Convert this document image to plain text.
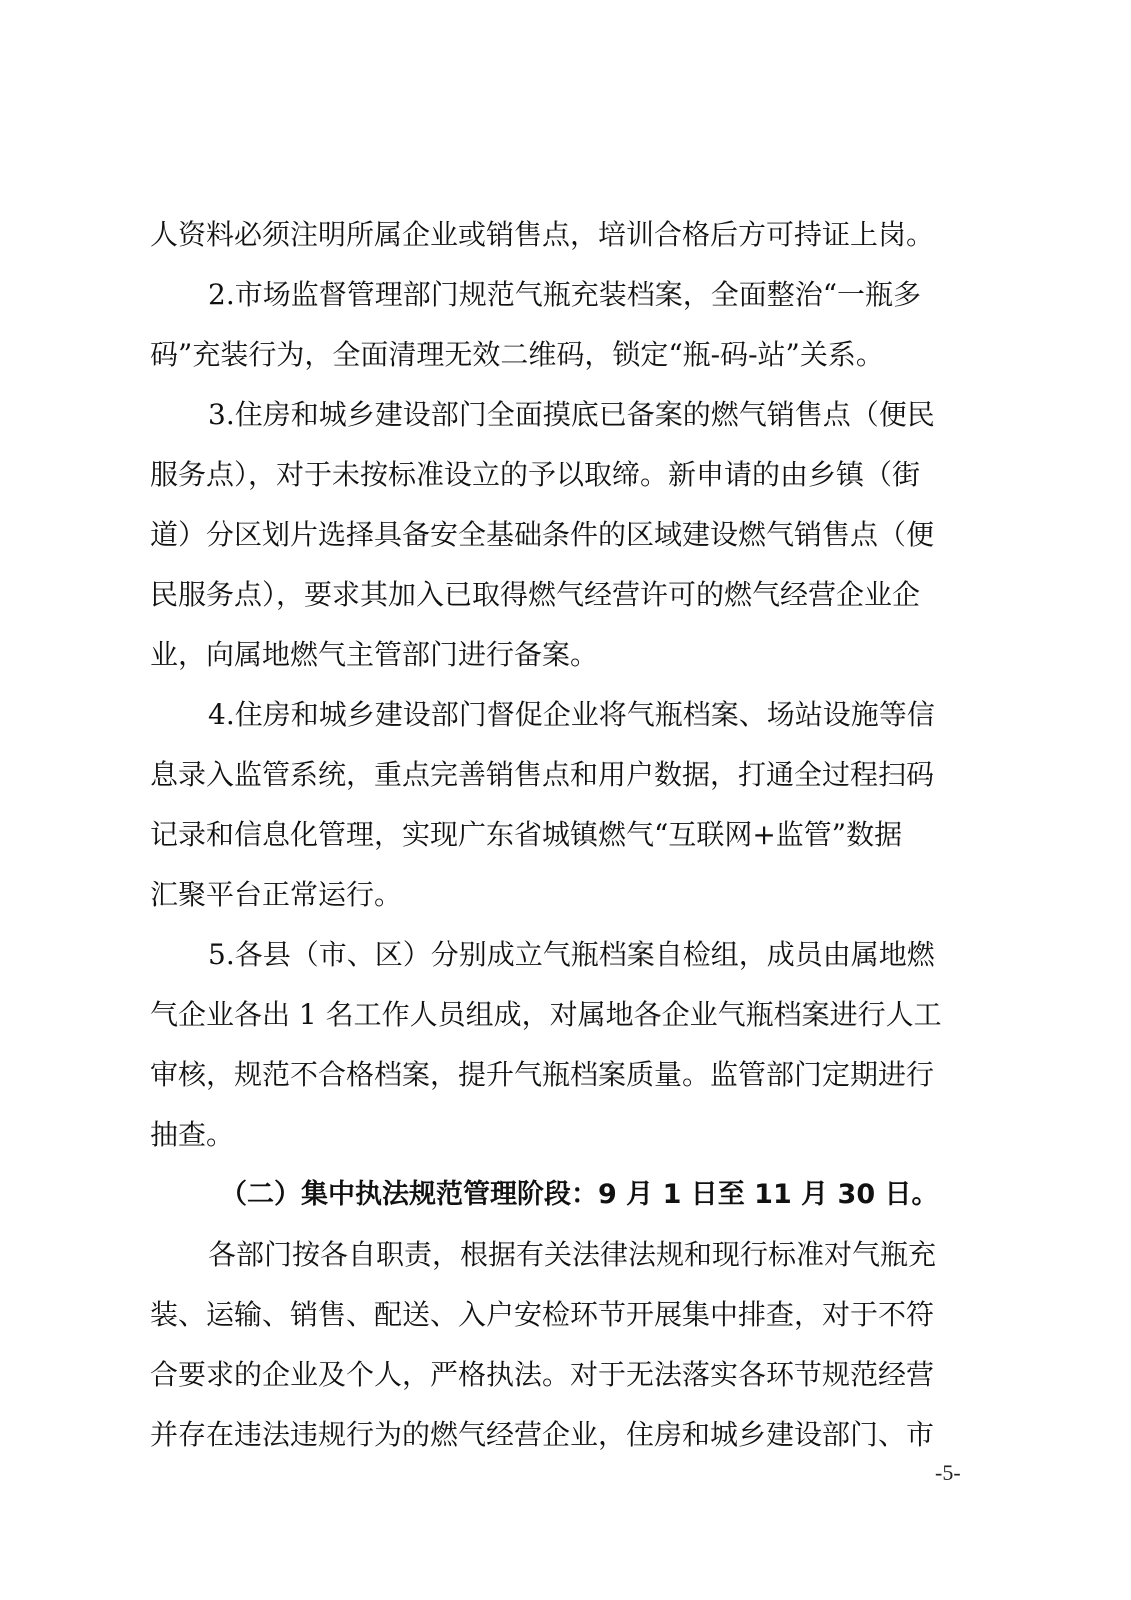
人资料必须注明所属企业或销售点，培训合格后方可持证上岗。
2.市场监督管理部门规范气瓶充装档案，全面整治“一瓶多
码”充装行为，全面清理无效二维码，锁定“瓶-码-站”关系。
3.住房和城乡建设部门全面摸底已备案的燃气销售点（便民
服务点），对于未按标准设立的予以取缔。新申请的由乡镇（街
道）分区划片选择具备安全基础条件的区域建设燃气销售点（便
民服务点），要求其加入已取得燃气经营许可的燃气经营企业企
业，向属地燃气主管部门进行备案。
4.住房和城乡建设部门督促企业将气瓶档案、场站设施等信
息录入监管系统，重点完善销售点和用户数据，打通全过程扫码
记录和信息化管理，实现广东省城镇燃气“互联网+监管”数据
汇聚平台正常运行。
5.各县（市、区）分别成立气瓶档案自检组，成员由属地燃
气企业各出 1 名工作人员组成，对属地各企业气瓶档案进行人工
审核，规范不合格档案，提升气瓶档案质量。监管部门定期进行
抽查。
（二）集中执法规范管理阶段：9 月 1 日至 11 月 30 日。
各部门按各自职责，根据有关法律法规和现行标准对气瓶充
装、运输、销售、配送、入户安检环节开展集中排查，对于不符
合要求的企业及个人，严格执法。对于无法落实各环节规范经营
并存在违法违规行为的燃气经营企业，住房和城乡建设部门、市
-5-
